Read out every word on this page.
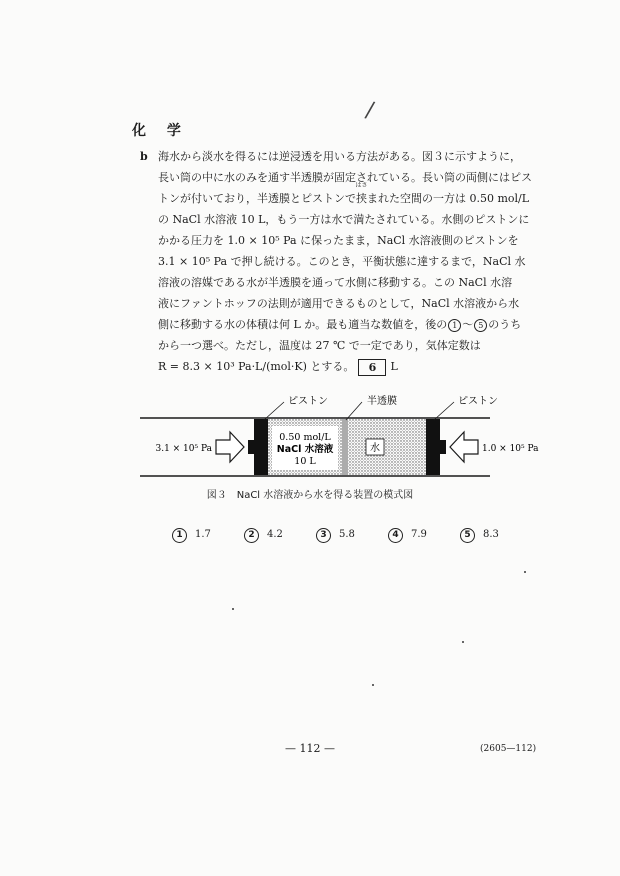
化 学
/
b 海水から淡水を得るには逆浸透を用いる方法がある。図３に示すように，
長い筒の中に水のみを通す半透膜が固定されている。長い筒の両側にはピス
トンが付いており，半透膜とピストンで
はさ
挟まれた空間の一方は 0.50 mol/L
の NaCl 水溶液 10 L，もう一方は水で満たされている。水側のピストンに
かかる圧力を 1.0 × 10⁵ Pa に保ったまま，NaCl 水溶液側のピストンを
3.1 × 10⁵ Pa で押し続ける。このとき，平衡状態に達するまで，NaCl 水
溶液の溶媒である水が半透膜を通って水側に移動する。この NaCl 水溶
液にファントホッフの法則が適用できるものとして，NaCl 水溶液から水
側に移動する水の体積は何 L か。最も適当な数値を，後の 1 ～ 5 のうち
から一つ選べ。ただし，温度は 27 ℃ で一定であり，気体定数は
R = 8.3 × 10³ Pa·L/(mol·K) とする。 6 L
0.50 mol/L
NaCl 水溶液
10 L
水
ピストン	半透膜	ピストン
3.1 × 10⁵ Pa	1.0 × 10⁵ Pa
図３　NaCl 水溶液から水を得る装置の模式図
1 1.7	2 4.2	3 5.8	4 7.9	5 8.3
— 112 —	(2605—112)
